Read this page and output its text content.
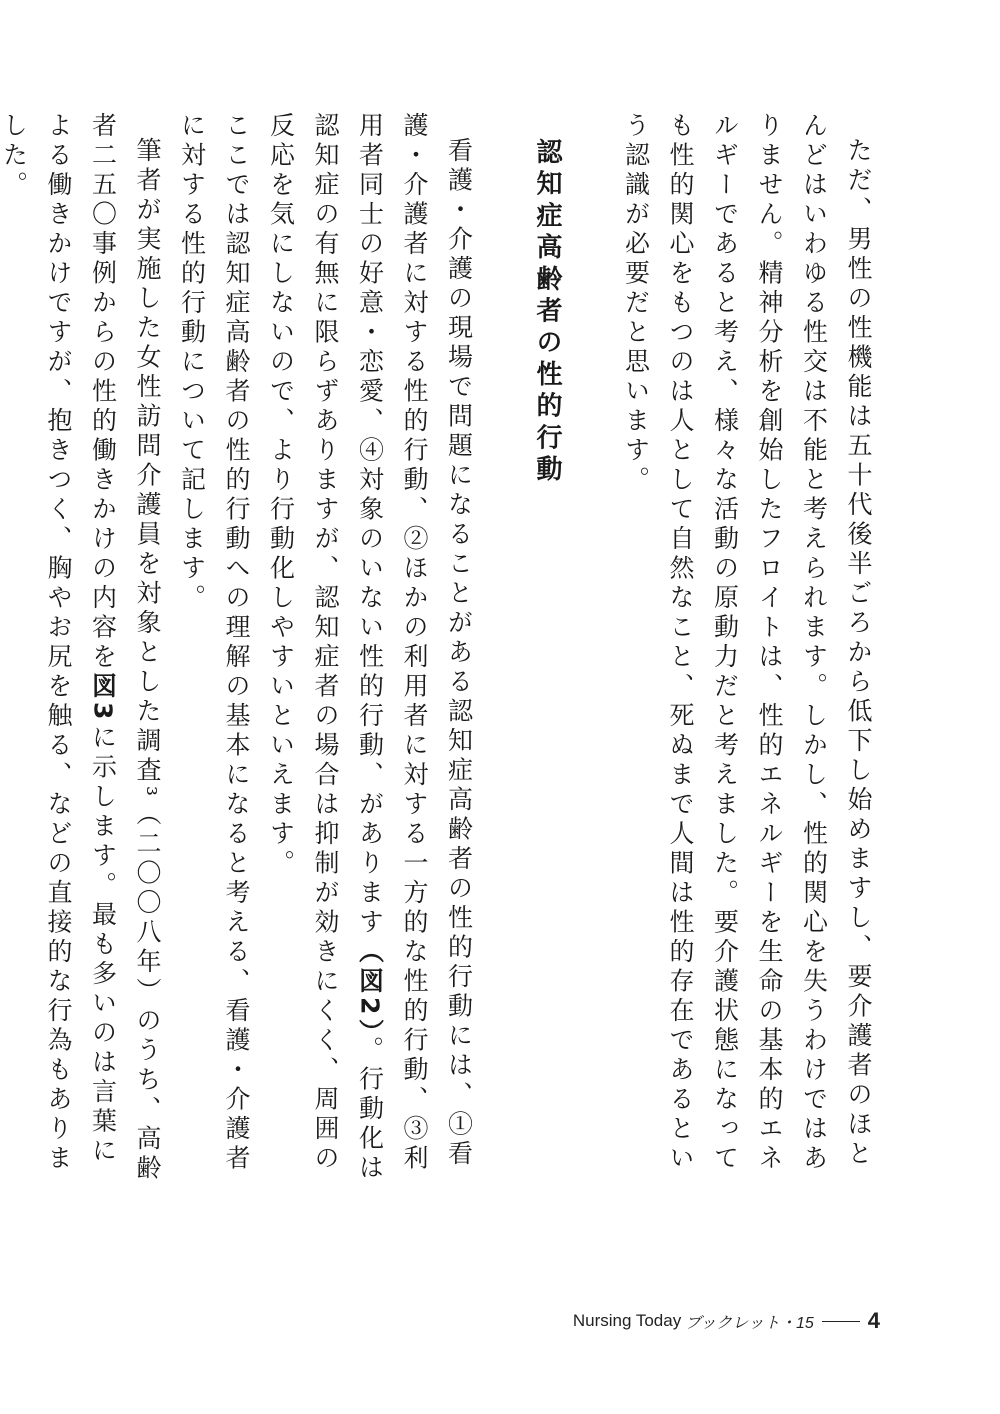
ただ、男性の性機能は五十代後半ごろから低下し始めますし、要介護者のほとんどはいわゆる性交は不能と考えられます。しかし、性的関心を失うわけではありません。精神分析を創始したフロイトは、性的エネルギーを生命の基本的エネルギーであると考え、様々な活動の原動力だと考えました。要介護状態になっても性的関心をもつのは人として自然なこと、死ぬまで人間は性的存在であるという認識が必要だと思います。

認知症高齢者の性的行動

看護・介護の現場で問題になることがある認知症高齢者の性的行動には、①看護・介護者に対する性的行動、②ほかの利用者に対する一方的な性的行動、③利用者同士の好意・恋愛、④対象のいない性的行動、があります（図2）。行動化は認知症の有無に限らずありますが、認知症者の場合は抑制が効きにくく、周囲の反応を気にしないので、より行動化しやすいといえます。

ここでは認知症高齢者の性的行動への理解の基本になると考える、看護・介護者に対する性的行動について記します。

筆者が実施した女性訪問介護員を対象とした調査³（二〇〇八年）のうち、高齢者二五〇事例からの性的働きかけの内容を図3に示します。最も多いのは言葉による働きかけですが、抱きつく、胸やお尻を触る、などの直接的な行為もありました。

Nursing Today ブックレット・15 4
